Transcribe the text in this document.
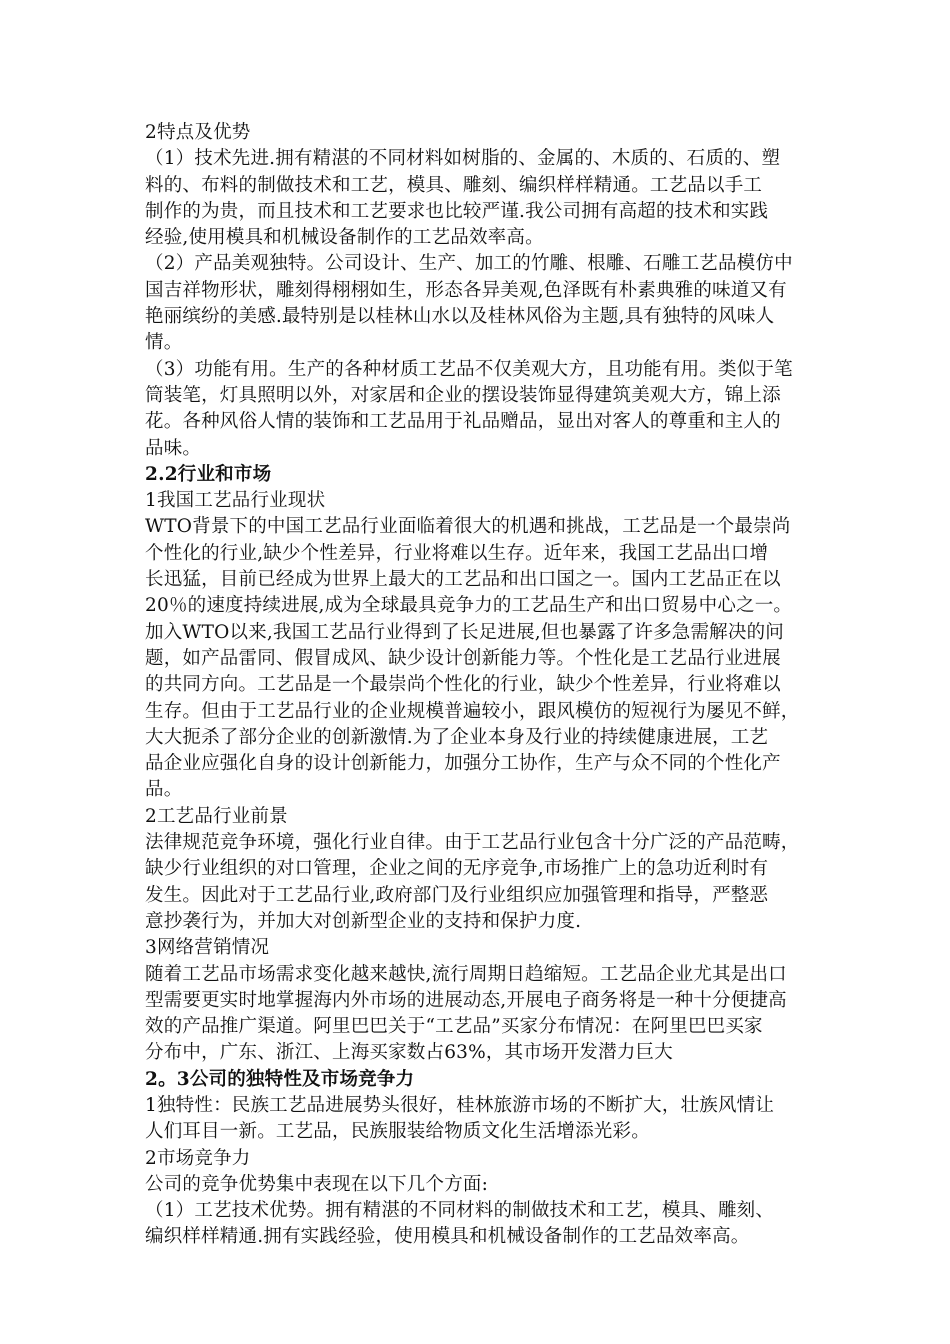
2特点及优势
（1）技术先进.拥有精湛的不同材料如树脂的、金属的、木质的、石质的、塑
料的、布料的制做技术和工艺，模具、雕刻、编织样样精通。工艺品以手工
制作的为贵，而且技术和工艺要求也比较严谨.我公司拥有高超的技术和实践
经验,使用模具和机械设备制作的工艺品效率高。
（2）产品美观独特。公司设计、生产、加工的竹雕、根雕、石雕工艺品模仿中
国吉祥物形状，雕刻得栩栩如生，形态各异美观,色泽既有朴素典雅的味道又有
艳丽缤纷的美感.最特别是以桂林山水以及桂林风俗为主题,具有独特的风味人
情。
（3）功能有用。生产的各种材质工艺品不仅美观大方，且功能有用。类似于笔
筒装笔，灯具照明以外，对家居和企业的摆设装饰显得建筑美观大方，锦上添
花。各种风俗人情的装饰和工艺品用于礼品赠品，显出对客人的尊重和主人的
品味。
2.2行业和市场
1我国工艺品行业现状
WTO背景下的中国工艺品行业面临着很大的机遇和挑战，工艺品是一个最崇尚
个性化的行业,缺少个性差异，行业将难以生存。近年来，我国工艺品出口增
长迅猛，目前已经成为世界上最大的工艺品和出口国之一。国内工艺品正在以
20％的速度持续进展,成为全球最具竞争力的工艺品生产和出口贸易中心之一。
加入WTO以来,我国工艺品行业得到了长足进展,但也暴露了许多急需解决的问
题，如产品雷同、假冒成风、缺少设计创新能力等。个性化是工艺品行业进展
的共同方向。工艺品是一个最崇尚个性化的行业，缺少个性差异，行业将难以
生存。但由于工艺品行业的企业规模普遍较小，跟风模仿的短视行为屡见不鲜，
大大扼杀了部分企业的创新激情.为了企业本身及行业的持续健康进展，工艺
品企业应强化自身的设计创新能力，加强分工协作，生产与众不同的个性化产
品。
2工艺品行业前景
法律规范竞争环境，强化行业自律。由于工艺品行业包含十分广泛的产品范畴，
缺少行业组织的对口管理，企业之间的无序竞争,市场推广上的急功近利时有
发生。因此对于工艺品行业,政府部门及行业组织应加强管理和指导，严整恶
意抄袭行为，并加大对创新型企业的支持和保护力度.
3网络营销情况
随着工艺品市场需求变化越来越快,流行周期日趋缩短。工艺品企业尤其是出口
型需要更实时地掌握海内外市场的进展动态,开展电子商务将是一种十分便捷高
效的产品推广渠道。阿里巴巴关于“工艺品”买家分布情况：在阿里巴巴买家
分布中，广东、浙江、上海买家数占63%，其市场开发潜力巨大
2。3公司的独特性及市场竞争力
1独特性：民族工艺品进展势头很好，桂林旅游市场的不断扩大，壮族风情让
人们耳目一新。工艺品，民族服装给物质文化生活增添光彩。
2市场竞争力
公司的竞争优势集中表现在以下几个方面:
（1）工艺技术优势。拥有精湛的不同材料的制做技术和工艺，模具、雕刻、
编织样样精通.拥有实践经验，使用模具和机械设备制作的工艺品效率高。
